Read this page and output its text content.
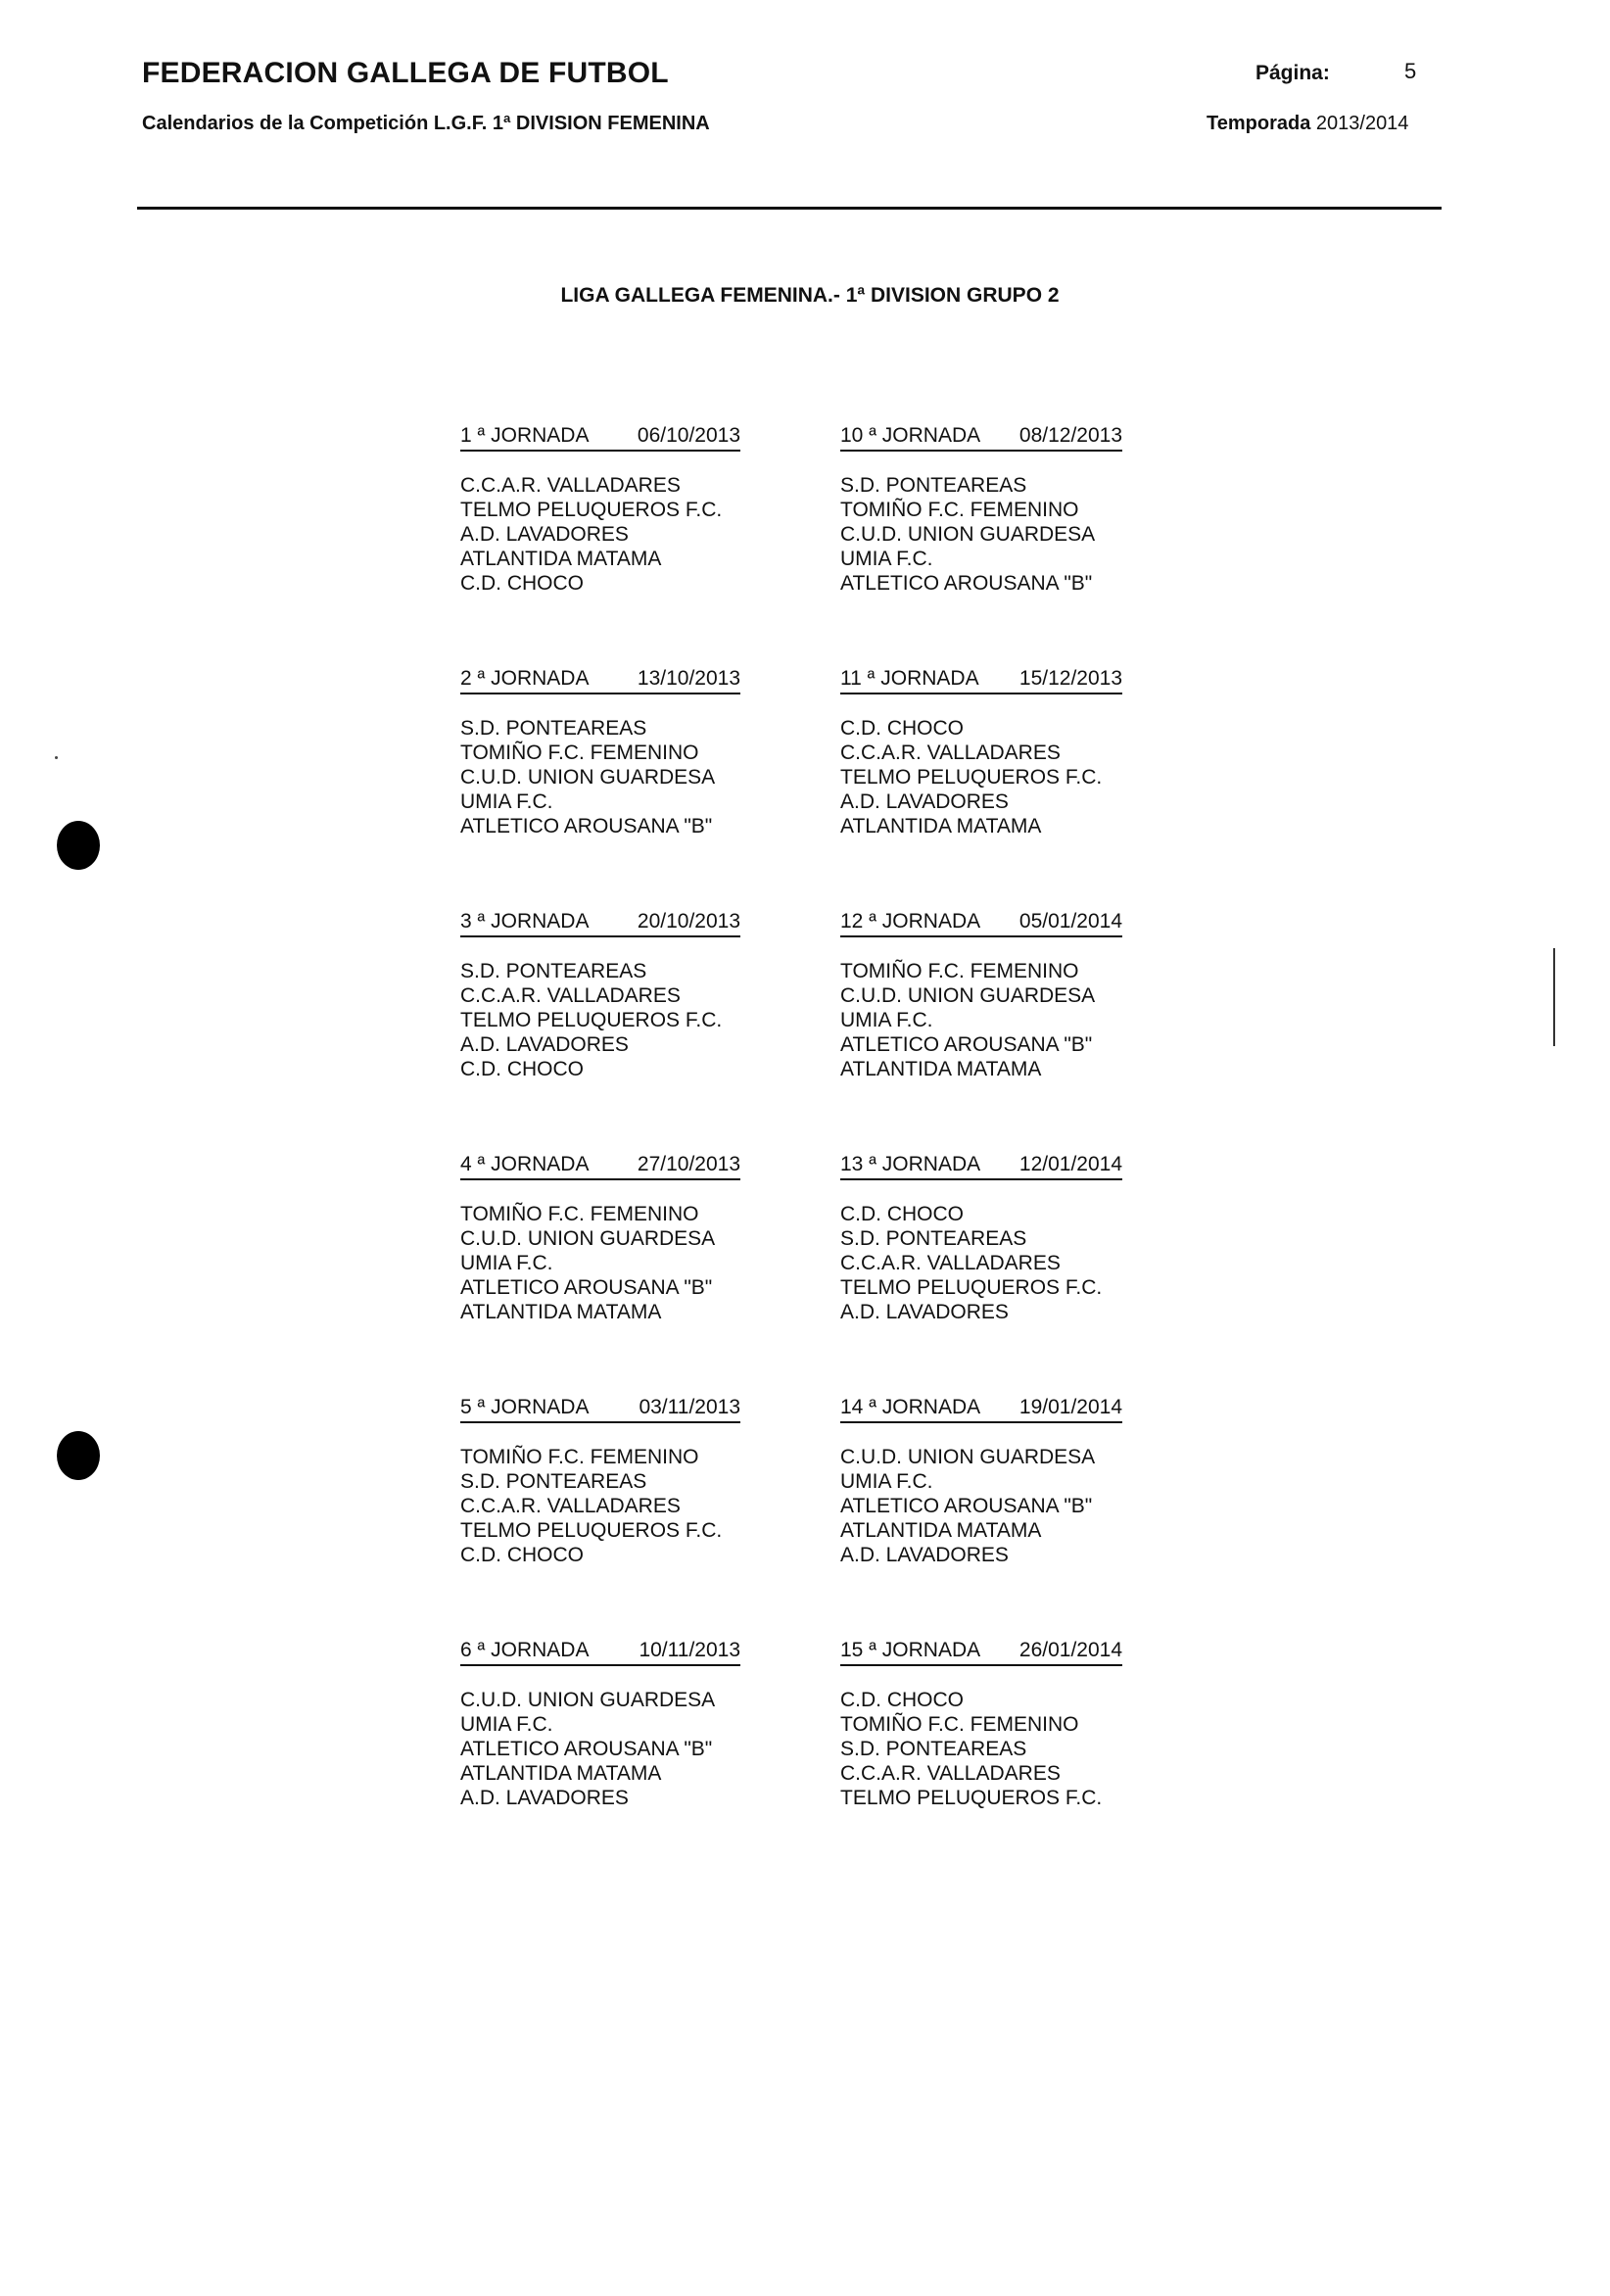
FEDERACION GALLEGA DE FUTBOL	Página:	5
Calendarios de la Competición L.G.F. 1ª DIVISION FEMENINA	Temporada 2013/2014
LIGA GALLEGA FEMENINA.- 1ª DIVISION GRUPO 2
1 ª JORNADA 06/10/2013
C.C.A.R. VALLADARES
TELMO PELUQUEROS F.C.
A.D. LAVADORES
ATLANTIDA MATAMA
C.D. CHOCO
2 ª JORNADA 13/10/2013
S.D. PONTEAREAS
TOMIÑO F.C. FEMENINO
C.U.D. UNION GUARDESA
UMIA F.C.
ATLETICO AROUSANA "B"
3 ª JORNADA 20/10/2013
S.D. PONTEAREAS
C.C.A.R. VALLADARES
TELMO PELUQUEROS F.C.
A.D. LAVADORES
C.D. CHOCO
4 ª JORNADA 27/10/2013
TOMIÑO F.C. FEMENINO
C.U.D. UNION GUARDESA
UMIA F.C.
ATLETICO AROUSANA "B"
ATLANTIDA MATAMA
5 ª JORNADA 03/11/2013
TOMIÑO F.C. FEMENINO
S.D. PONTEAREAS
C.C.A.R. VALLADARES
TELMO PELUQUEROS F.C.
C.D. CHOCO
6 ª JORNADA 10/11/2013
C.U.D. UNION GUARDESA
UMIA F.C.
ATLETICO AROUSANA "B"
ATLANTIDA MATAMA
A.D. LAVADORES
10 ª JORNADA 08/12/2013
S.D. PONTEAREAS
TOMIÑO F.C. FEMENINO
C.U.D. UNION GUARDESA
UMIA F.C.
ATLETICO AROUSANA "B"
11 ª JORNADA 15/12/2013
C.D. CHOCO
C.C.A.R. VALLADARES
TELMO PELUQUEROS F.C.
A.D. LAVADORES
ATLANTIDA MATAMA
12 ª JORNADA 05/01/2014
TOMIÑO F.C. FEMENINO
C.U.D. UNION GUARDESA
UMIA F.C.
ATLETICO AROUSANA "B"
ATLANTIDA MATAMA
13 ª JORNADA 12/01/2014
C.D. CHOCO
S.D. PONTEAREAS
C.C.A.R. VALLADARES
TELMO PELUQUEROS F.C.
A.D. LAVADORES
14 ª JORNADA 19/01/2014
C.U.D. UNION GUARDESA
UMIA F.C.
ATLETICO AROUSANA "B"
ATLANTIDA MATAMA
A.D. LAVADORES
15 ª JORNADA 26/01/2014
C.D. CHOCO
TOMIÑO F.C. FEMENINO
S.D. PONTEAREAS
C.C.A.R. VALLADARES
TELMO PELUQUEROS F.C.
